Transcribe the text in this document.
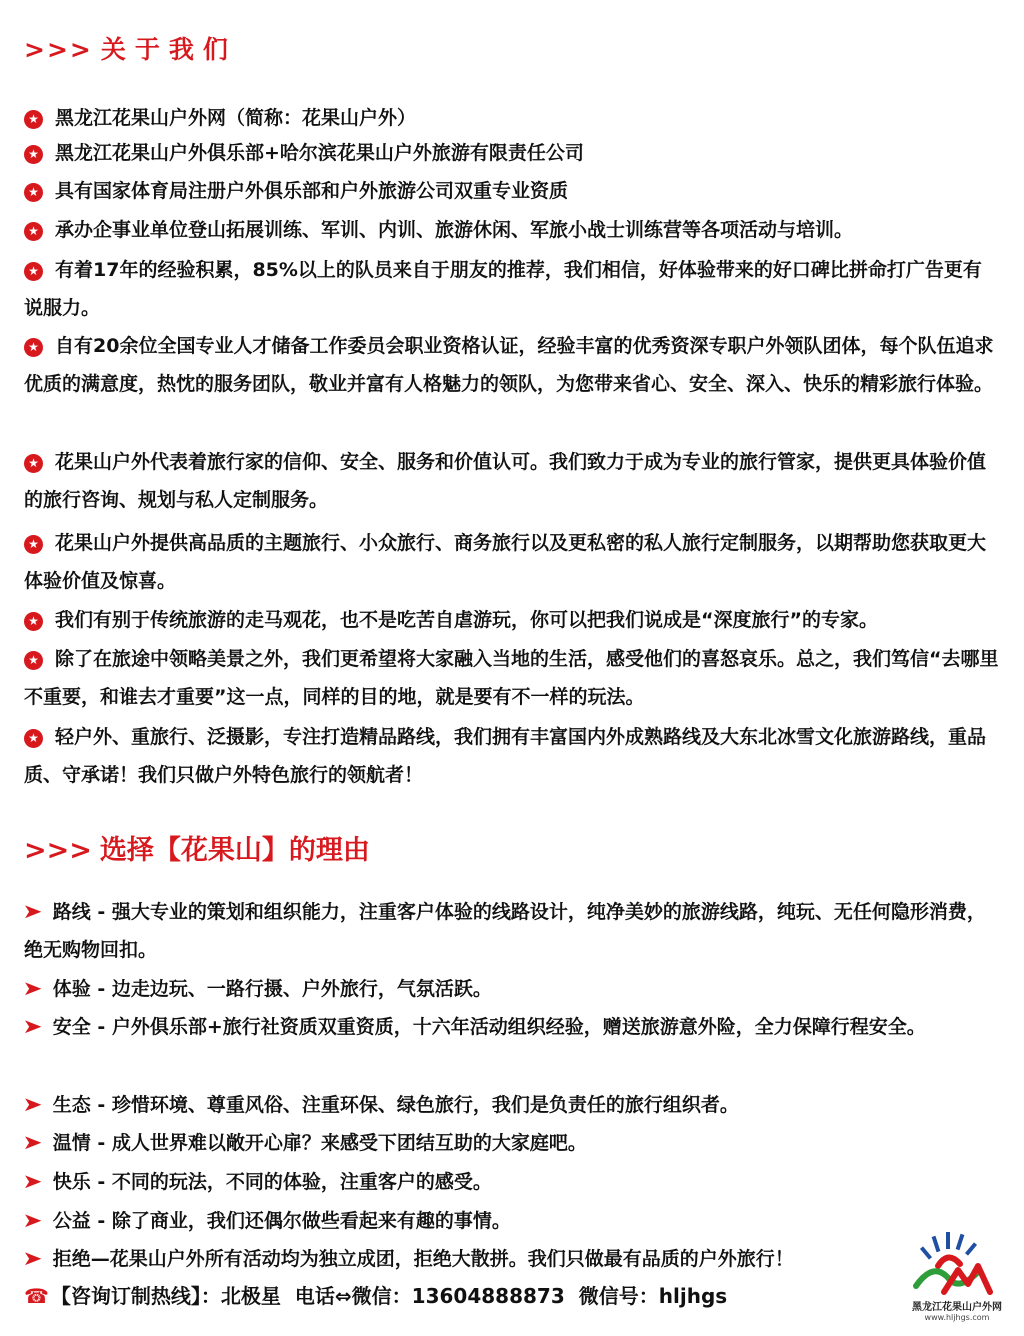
>>> 关于我们
★ 黑龙江花果山户外网（简称：花果山户外）
★ 黑龙江花果山户外俱乐部+哈尔滨花果山户外旅游有限责任公司
★ 具有国家体育局注册户外俱乐部和户外旅游公司双重专业资质
★ 承办企事业单位登山拓展训练、军训、内训、旅游休闲、军旅小战士训练营等各项活动与培训。
★ 有着17年的经验积累，85%以上的队员来自于朋友的推荐，我们相信，好体验带来的好口碑比拼命打广告更有说服力。
★ 自有20余位全国专业人才储备工作委员会职业资格认证，经验丰富的优秀资深专职户外领队团体，每个队伍追求优质的满意度，热忱的服务团队，敬业并富有人格魅力的领队，为您带来省心、安全、深入、快乐的精彩旅行体验。
★ 花果山户外代表着旅行家的信仰、安全、服务和价值认可。我们致力于成为专业的旅行管家，提供更具体验价值的旅行咨询、规划与私人定制服务。
★ 花果山户外提供高品质的主题旅行、小众旅行、商务旅行以及更私密的私人旅行定制服务，以期帮助您获取更大体验价值及惊喜。
★ 我们有别于传统旅游的走马观花，也不是吃苦自虐游玩，你可以把我们说成是“深度旅行”的专家。
★ 除了在旅途中领略美景之外，我们更希望将大家融入当地的生活，感受他们的喜怒哀乐。总之，我们笃信“去哪里不重要，和谁去才重要”这一点，同样的目的地，就是要有不一样的玩法。
★ 轻户外、重旅行、泛摄影，专注打造精品路线，我们拥有丰富国内外成熟路线及大东北冰雪文化旅游路线，重品质、守承诺！我们只做户外特色旅行的领航者！
>>> 选择【花果山】的理由
➤ 路线 - 强大专业的策划和组织能力，注重客户体验的线路设计，纯净美妙的旅游线路，纯玩、无任何隐形消费，绝无购物回扣。
➤ 体验 - 边走边玩、一路行摄、户外旅行，气氛活跃。
➤ 安全 - 户外俱乐部+旅行社资质双重资质，十六年活动组织经验，赠送旅游意外险，全力保障行程安全。
➤ 生态 - 珍惜环境、尊重风俗、注重环保、绿色旅行，我们是负责任的旅行组织者。
➤ 温情 - 成人世界难以敞开心扉？来感受下团结互助的大家庭吧。
➤ 快乐 - 不同的玩法，不同的体验，注重客户的感受。
➤ 公益 - 除了商业，我们还偶尔做些看起来有趣的事情。
➤ 拒绝—花果山户外所有活动均为独立成团，拒绝大散拼。我们只做最有品质的户外旅行！
☎ 【咨询订制热线】：北极星 电话⇔微信：13604888873 微信号：hljhgs	黑龙江花果山户外网
www.hljhgs.com
